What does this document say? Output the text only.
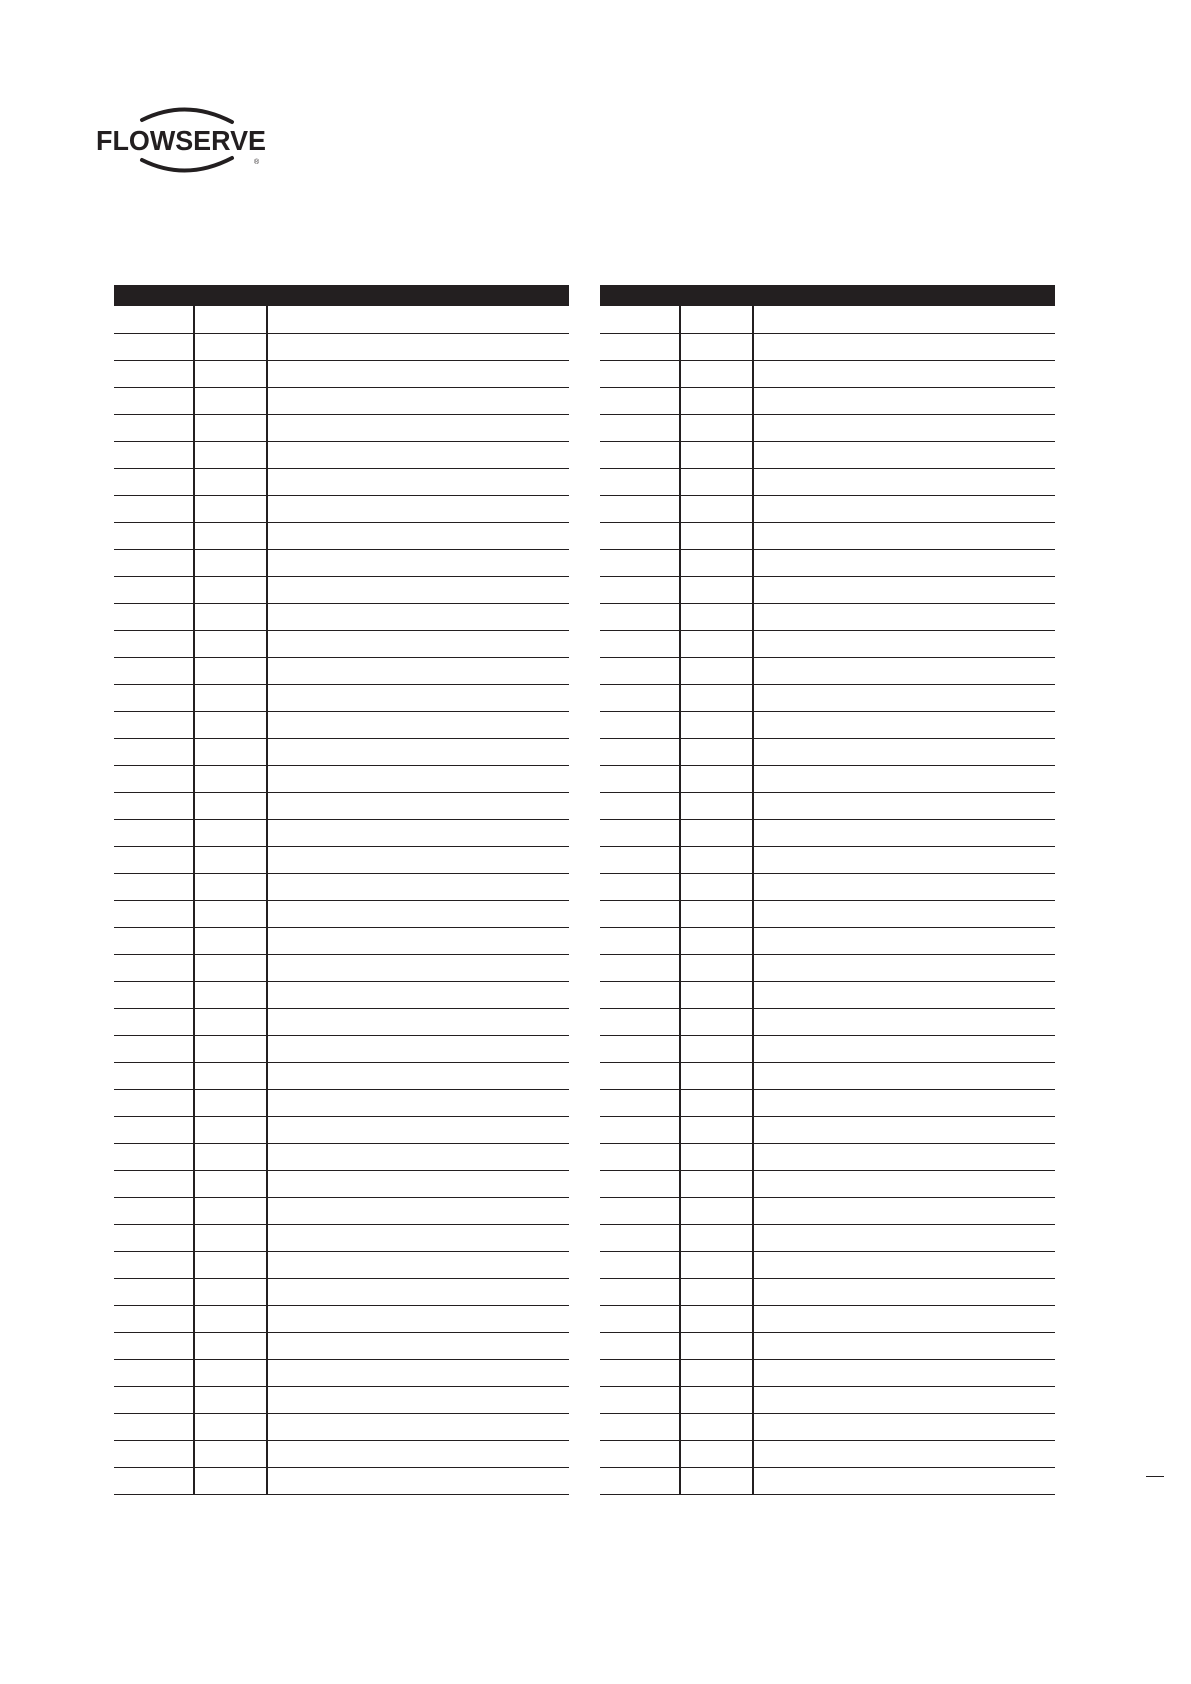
FLOWSERVE
®
